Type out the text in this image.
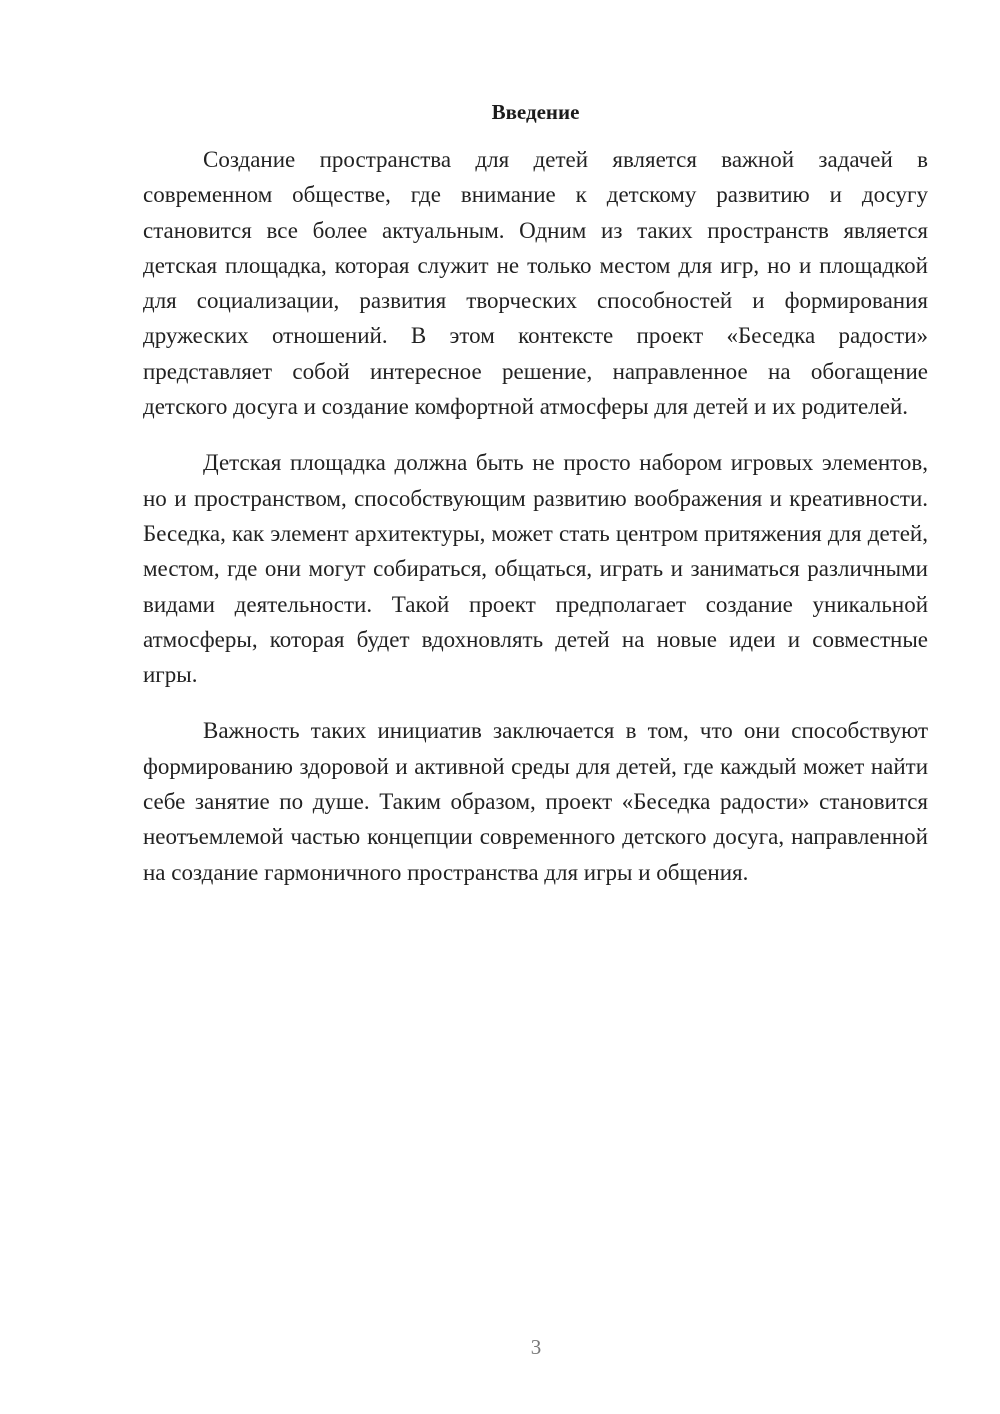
Введение

Создание пространства для детей является важной задачей в современном обществе, где внимание к детскому развитию и досугу становится все более актуальным. Одним из таких пространств является детская площадка, которая служит не только местом для игр, но и площадкой для социализации, развития творческих способностей и формирования дружеских отношений. В этом контексте проект «Беседка радости» представляет собой интересное решение, направленное на обогащение детского досуга и создание комфортной атмосферы для детей и их родителей.

Детская площадка должна быть не просто набором игровых элементов, но и пространством, способствующим развитию воображения и креативности. Беседка, как элемент архитектуры, может стать центром притяжения для детей, местом, где они могут собираться, общаться, играть и заниматься различными видами деятельности. Такой проект предполагает создание уникальной атмосферы, которая будет вдохновлять детей на новые идеи и совместные игры.

Важность таких инициатив заключается в том, что они способствуют формированию здоровой и активной среды для детей, где каждый может найти себе занятие по душе. Таким образом, проект «Беседка радости» становится неотъемлемой частью концепции современного детского досуга, направленной на создание гармоничного пространства для игры и общения.

3
